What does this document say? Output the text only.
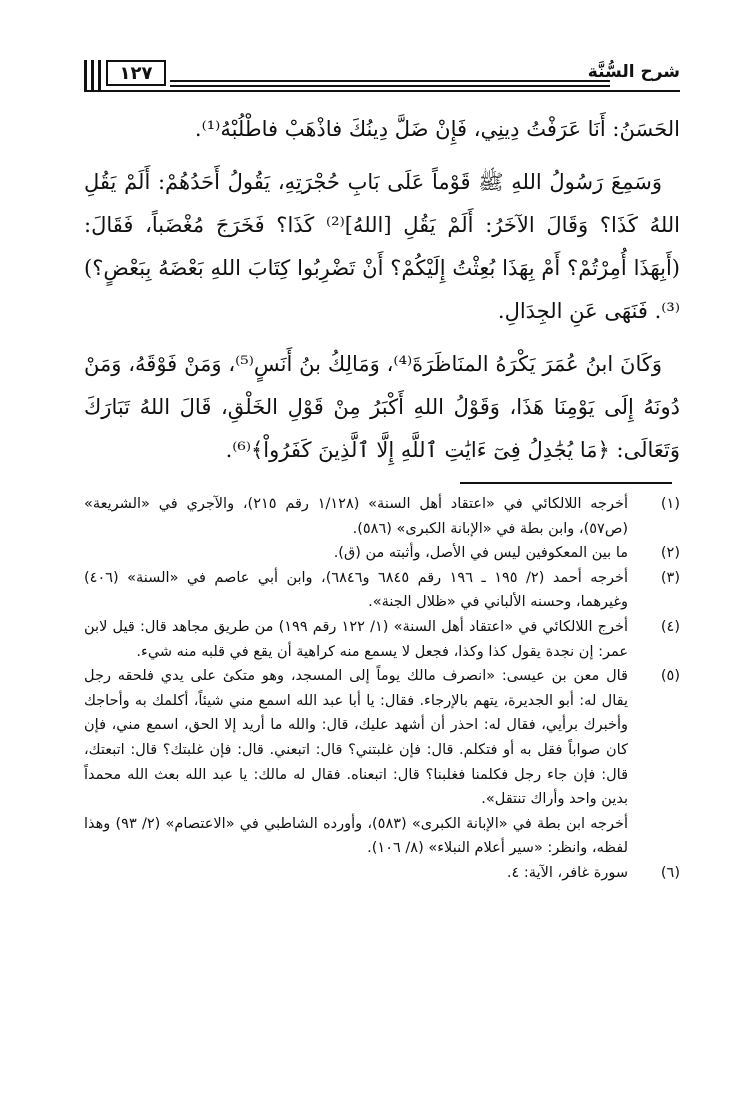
١٢٧	شرح السُّنَّة

الحَسَنُ: أَنَا عَرَفْتُ دِينِي، فَإِنْ ضَلَّ دِينُكَ فاذْهَبْ فاطْلُبْهُ⁽¹⁾.

وَسَمِعَ رَسُولُ اللهِ ﷺ قَوْماً عَلَى بَابِ حُجْرَتِهِ، يَقُولُ أَحَدُهُمْ: أَلَمْ يَقُلِ اللهُ كَذَا؟ وَقَالَ الآخَرُ: أَلَمْ يَقُلِ [اللهُ]⁽²⁾ كَذَا؟ فَخَرَجَ مُغْضَباً، فَقَالَ: (أَبِهَذَا أُمِرْتُمْ؟ أَمْ بِهَذَا بُعِثْتُ إِلَيْكُمْ؟ أَنْ تَضْرِبُوا كِتَابَ اللهِ بَعْضَهُ بِبَعْضٍ؟)⁽³⁾. فَنَهَى عَنِ الجِدَالِ.

وَكَانَ ابنُ عُمَرَ يَكْرَهُ المنَاظَرَةَ⁽⁴⁾، وَمَالِكُ بنُ أَنَسٍ⁽⁵⁾، وَمَنْ فَوْقَهُ، وَمَنْ دُونَهُ إِلَى يَوْمِنَا هَذَا، وَقَوْلُ اللهِ أَكْبَرُ مِنْ قَوْلِ الخَلْقِ، قَالَ اللهُ تَبَارَكَ وَتَعَالَى: ﴿مَا يُجَٰدِلُ فِىٓ ءَايَٰتِ ٱللَّهِ إِلَّا ٱلَّذِينَ كَفَرُواْ﴾⁽⁶⁾.

(١)
أخرجه اللالكائي في «اعتقاد أهل السنة» (١/١٢٨ رقم ٢١٥)، والآجري في «الشريعة» (ص٥٧)، وابن بطة في «الإبانة الكبرى» (٥٨٦).
(٢)
ما بين المعكوفين ليس في الأصل، وأثبته من (ق).
(٣)
أخرجه أحمد (٢/ ١٩٥ ـ ١٩٦ رقم ٦٨٤٥ و٦٨٤٦)، وابن أبي عاصم في «السنة» (٤٠٦) وغيرهما، وحسنه الألباني في «ظلال الجنة».
(٤)
أخرج اللالكائي في «اعتقاد أهل السنة» (١/ ١٢٢ رقم ١٩٩) من طريق مجاهد قال: قيل لابن عمر: إن نجدة يقول كذا وكذا، فجعل لا يسمع منه كراهية أن يقع في قلبه منه شيء.
(٥)
قال معن بن عيسى: «انصرف مالك يوماً إلى المسجد، وهو متكئ على يدي فلحقه رجل يقال له: أبو الجديرة، يتهم بالإرجاء. فقال: يا أبا عبد الله اسمع مني شيئاً، أكلمك به وأحاجك وأخبرك برأيي، فقال له: احذر أن أشهد عليك، قال: والله ما أريد إلا الحق، اسمع مني، فإن كان صواباً فقل به أو فتكلم. قال: فإن غلبتني؟ قال: اتبعني. قال: فإن غلبتك؟ قال: اتبعتك، قال: فإن جاء رجل فكلمنا فغلبنا؟ قال: اتبعناه. فقال له مالك: يا عبد الله بعث الله محمداً بدين واحد وأراك تنتقل».

أخرجه ابن بطة في «الإبانة الكبرى» (٥٨٣)، وأورده الشاطبي في «الاعتصام» (٢/ ٩٣) وهذا لفظه، وانظر: «سير أعلام النبلاء» (٨/ ١٠٦).

(٦)
سورة غافر، الآية: ٤.
